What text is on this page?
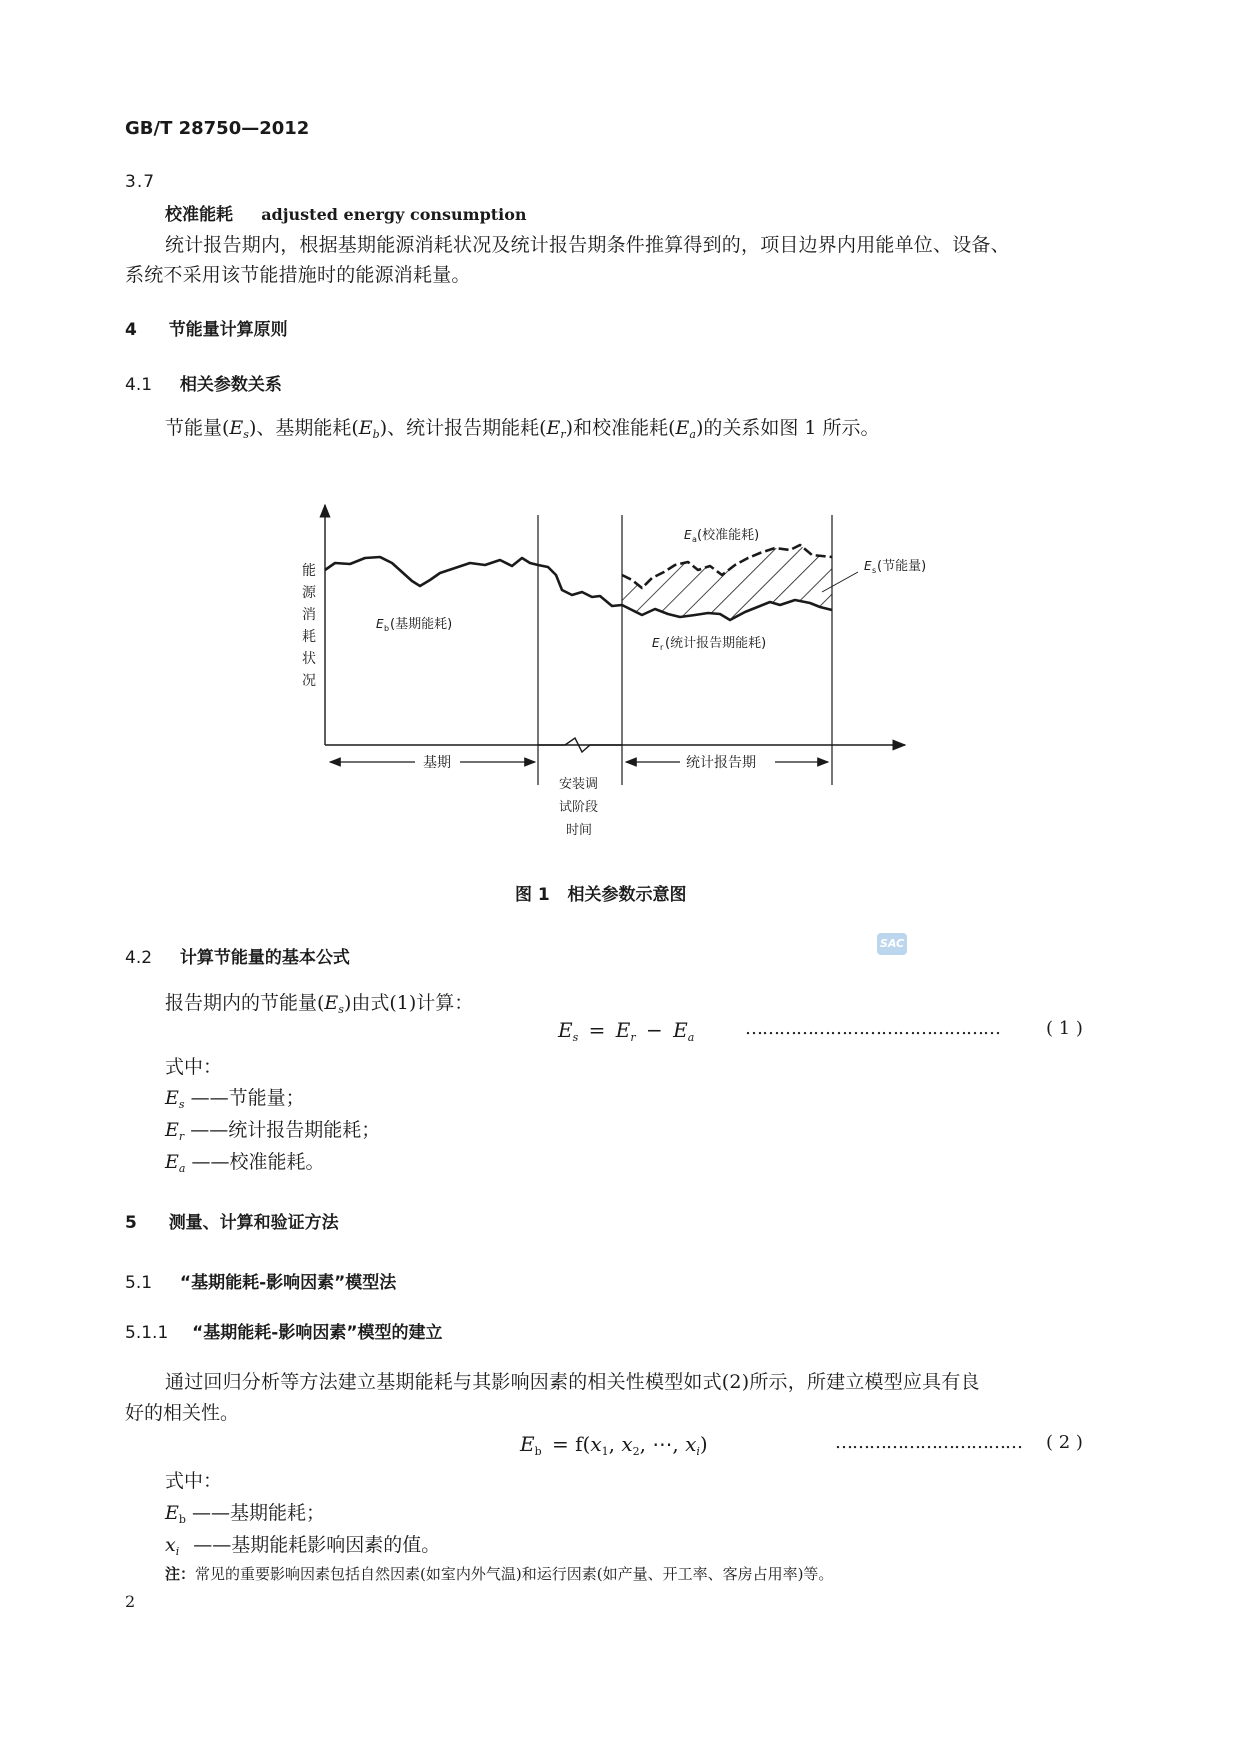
GB/T 28750—2012
3.7
校准能耗 adjusted energy consumption
统计报告期内，根据基期能源消耗状况及统计报告期条件推算得到的，项目边界内用能单位、设备、
系统不采用该节能措施时的能源消耗量。
4 节能量计算原则
4.1 相关参数关系
节能量$(E_s)$、基期能耗$(E_b)$、统计报告期能耗$(E_r)$和校准能耗$(E_a)$的关系如图 1 所示。
能
源
消
耗
状
况
E b (基期能耗)
E a (校准能耗)
E s (节能量)
E r (统计报告期能耗)
基期	统计报告期
安装调
试阶段
时间
图 1   相关参数示意图
SAC
4.2 计算节能量的基本公式
报告期内的节能量$(E_s)$由式(1)计算：
$E_s = E_r - E_a$	………………………………………	( 1 )
式中：
$E_s$ ——节能量；
$E_r$ ——统计报告期能耗；
$E_a$ ——校准能耗。
5 测量、计算和验证方法
5.1 “基期能耗-影响因素”模型法
5.1.1 “基期能耗-影响因素”模型的建立
通过回归分析等方法建立基期能耗与其影响因素的相关性模型如式(2)所示，所建立模型应具有良
好的相关性。
$E_b = f(x_1$, $x_2$, ⋯, $x_i$)	…………………………… ( 2 )
式中：
$E_b$ ——基期能耗；
$x_i$ ——基期能耗影响因素的值。
注：常见的重要影响因素包括自然因素(如室内外气温)和运行因素(如产量、开工率、客房占用率)等。
2
